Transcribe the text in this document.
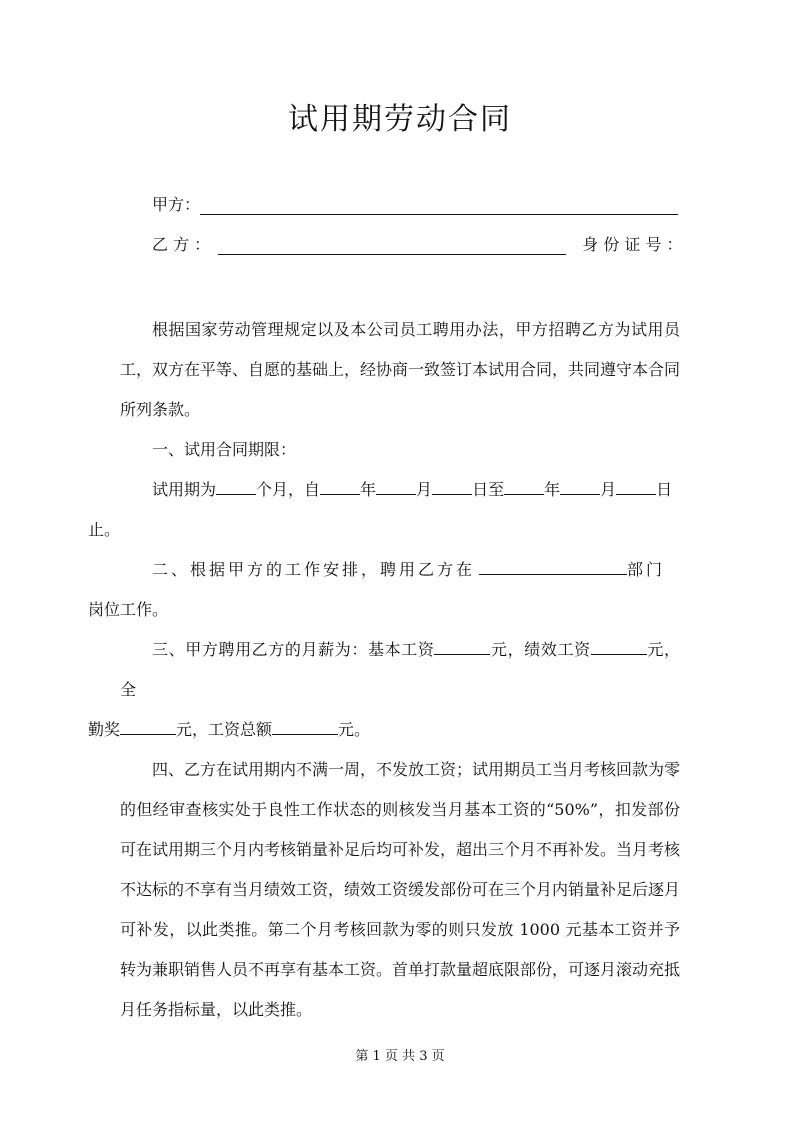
试用期劳动合同
甲方：
乙 方 ：	身 份 证 号 ：

根据国家劳动管理规定以及本公司员工聘用办法，甲方招聘乙方为试用员工，双方在平等、自愿的基础上，经协商一致签订本试用合同，共同遵守本合同所列条款。

一、试用合同期限：

试用期为	个月，自	年	月	日至	年	月	日
止。

二、根据甲方的工作安排，聘用乙方在	部门
岗位工作。

三、甲方聘用乙方的月薪为：基本工资	元，绩效工资	元，全
勤奖	元，工资总额	元。

四、乙方在试用期内不满一周，不发放工资；试用期员工当月考核回款为零的但经审查核实处于良性工作状态的则核发当月基本工资的“50%”，扣发部份可在试用期三个月内考核销量补足后均可补发，超出三个月不再补发。当月考核不达标的不享有当月绩效工资，绩效工资缓发部份可在三个月内销量补足后逐月可补发，以此类推。第二个月考核回款为零的则只发放 1000 元基本工资并予转为兼职销售人员不再享有基本工资。首单打款量超底限部份，可逐月滚动充抵月任务指标量，以此类推。

第 1 页 共 3 页
